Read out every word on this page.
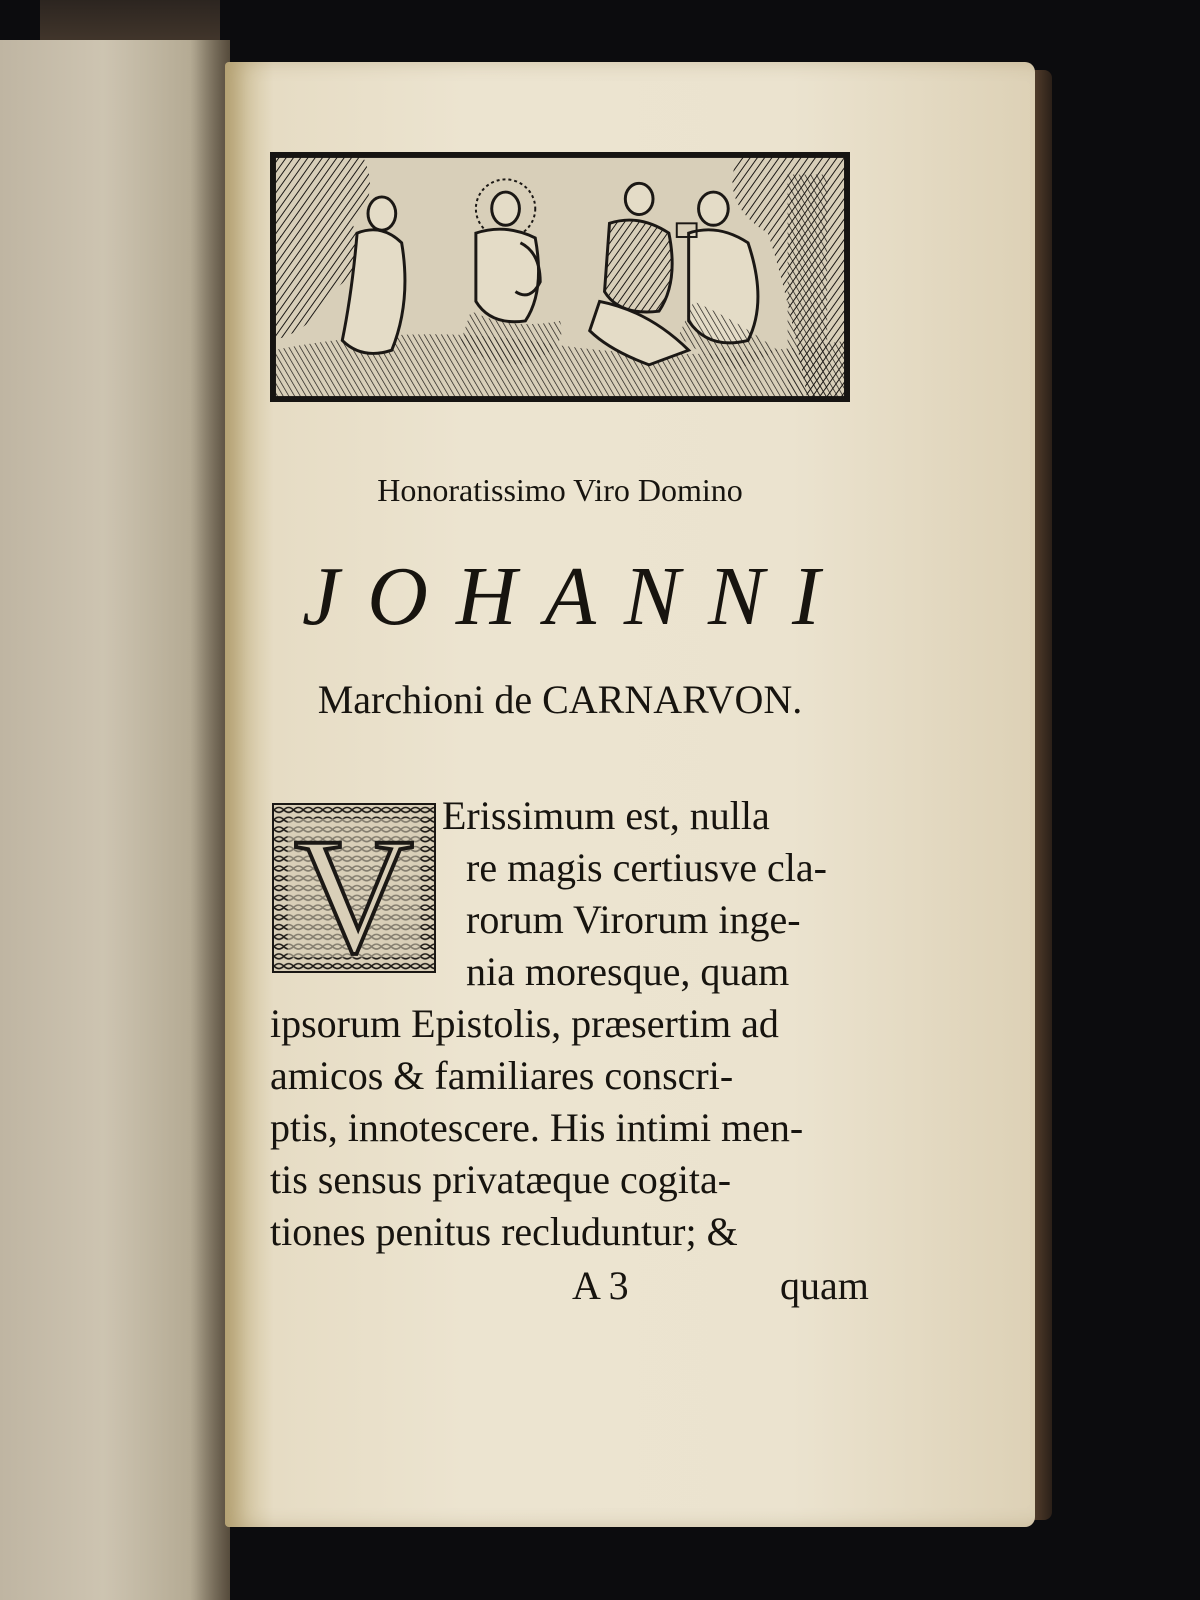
Honoratissimo Viro Domino
JOHANNI
Marchioni de CARNARVON.
V Erissimum est, nulla
re magis certiusve cla-
rorum Virorum inge-
nia moresque, quam
ipsorum Epistolis, præsertim ad
amicos & familiares conscri-
ptis, innotescere. His intimi men-
tis sensus privatæque cogita-
tiones penitus recluduntur; &
A 3	quam
